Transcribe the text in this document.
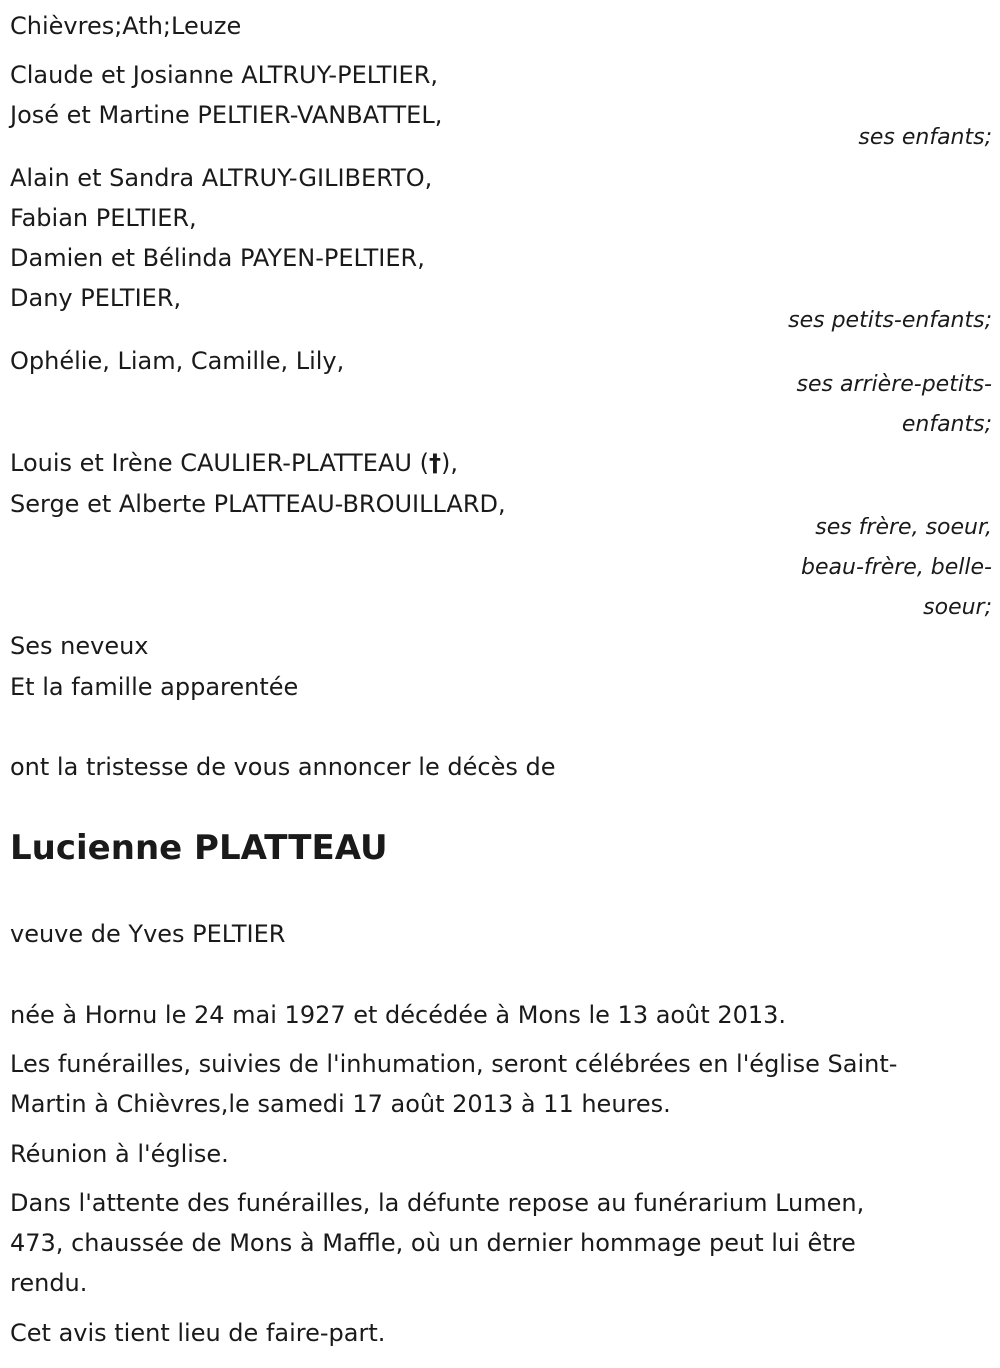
Chièvres;Ath;Leuze
Claude et Josianne ALTRUY-PELTIER,
José et Martine PELTIER-VANBATTEL,
ses enfants;
Alain et Sandra ALTRUY-GILIBERTO,
Fabian PELTIER,
Damien et Bélinda PAYEN-PELTIER,
Dany PELTIER,
ses petits-enfants;
Ophélie, Liam, Camille, Lily,
ses arrière-petits-
enfants;
Louis et Irène CAULIER-PLATTEAU (†),
Serge et Alberte PLATTEAU-BROUILLARD,
ses frère, soeur,
beau-frère, belle-
soeur;
Ses neveux
Et la famille apparentée
ont la tristesse de vous annoncer le décès de
Lucienne PLATTEAU
veuve de Yves PELTIER
née à Hornu le 24 mai 1927 et décédée à Mons le 13 août 2013.
Les funérailles, suivies de l'inhumation, seront célébrées en l'église Saint-
Martin à Chièvres,le samedi 17 août 2013 à 11 heures.
Réunion à l'église.
Dans l'attente des funérailles, la défunte repose au funérarium Lumen,
473, chaussée de Mons à Maffle, où un dernier hommage peut lui être
rendu.
Cet avis tient lieu de faire-part.
